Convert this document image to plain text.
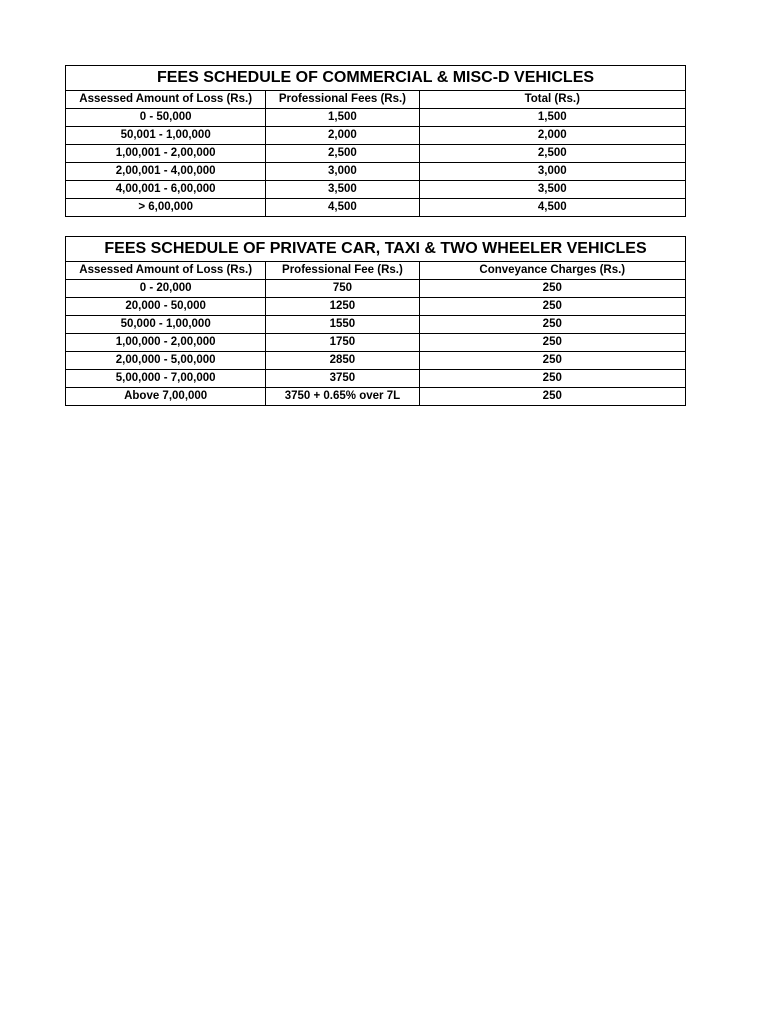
FEES SCHEDULE OF COMMERCIAL & MISC-D VEHICLES		
Assessed Amount of Loss (Rs.)	Professional Fees (Rs.)	Total (Rs.)
0 - 50,000	1,500	1,500
50,001 - 1,00,000	2,000	2,000
1,00,001 - 2,00,000	2,500	2,500
2,00,001 - 4,00,000	3,000	3,000
4,00,001 - 6,00,000	3,500	3,500
> 6,00,000	4,500	4,500
FEES SCHEDULE OF PRIVATE CAR, TAXI & TWO WHEELER VEHICLES		
Assessed Amount of Loss (Rs.)	Professional Fee (Rs.)	Conveyance Charges (Rs.)
0 - 20,000	750	250
20,000 - 50,000	1250	250
50,000 - 1,00,000	1550	250
1,00,000 - 2,00,000	1750	250
2,00,000 - 5,00,000	2850	250
5,00,000 - 7,00,000	3750	250
Above 7,00,000	3750 + 0.65% over 7L	250
